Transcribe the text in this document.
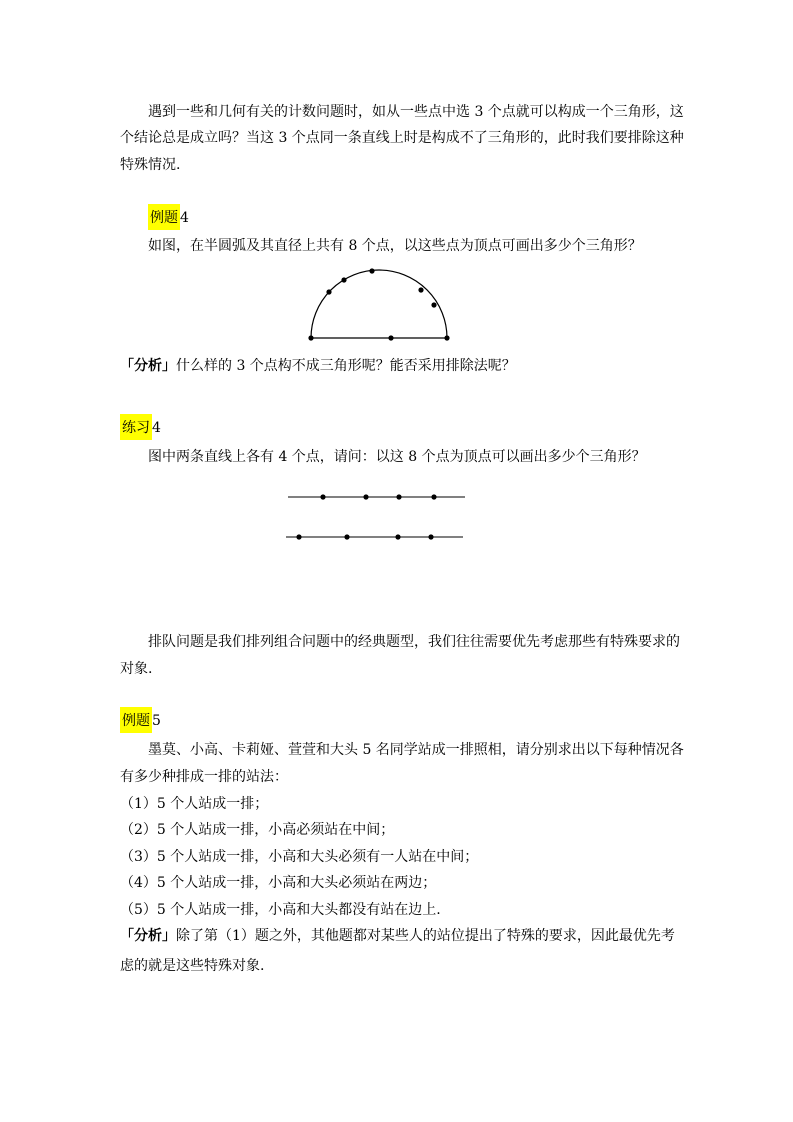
遇到一些和几何有关的计数问题时，如从一些点中选 3 个点就可以构成一个三角形，这
个结论总是成立吗？当这 3 个点同一条直线上时是构成不了三角形的，此时我们要排除这种
特殊情况.
例题 4
如图，在半圆弧及其直径上共有 8 个点，以这些点为顶点可画出多少个三角形？
「分析」什么样的 3 个点构不成三角形呢？能否采用排除法呢？
练习 4
图中两条直线上各有 4 个点，请问：以这 8 个点为顶点可以画出多少个三角形？
排队问题是我们排列组合问题中的经典题型，我们往往需要优先考虑那些有特殊要求的
对象.
例题 5
墨莫、小高、卡莉娅、萱萱和大头 5 名同学站成一排照相，请分别求出以下每种情况各
有多少种排成一排的站法：
（1）5 个人站成一排；
（2）5 个人站成一排，小高必须站在中间；
（3）5 个人站成一排，小高和大头必须有一人站在中间；
（4）5 个人站成一排，小高和大头必须站在两边；
（5）5 个人站成一排，小高和大头都没有站在边上.
「分析」除了第（1）题之外，其他题都对某些人的站位提出了特殊的要求，因此最优先考
虑的就是这些特殊对象.
